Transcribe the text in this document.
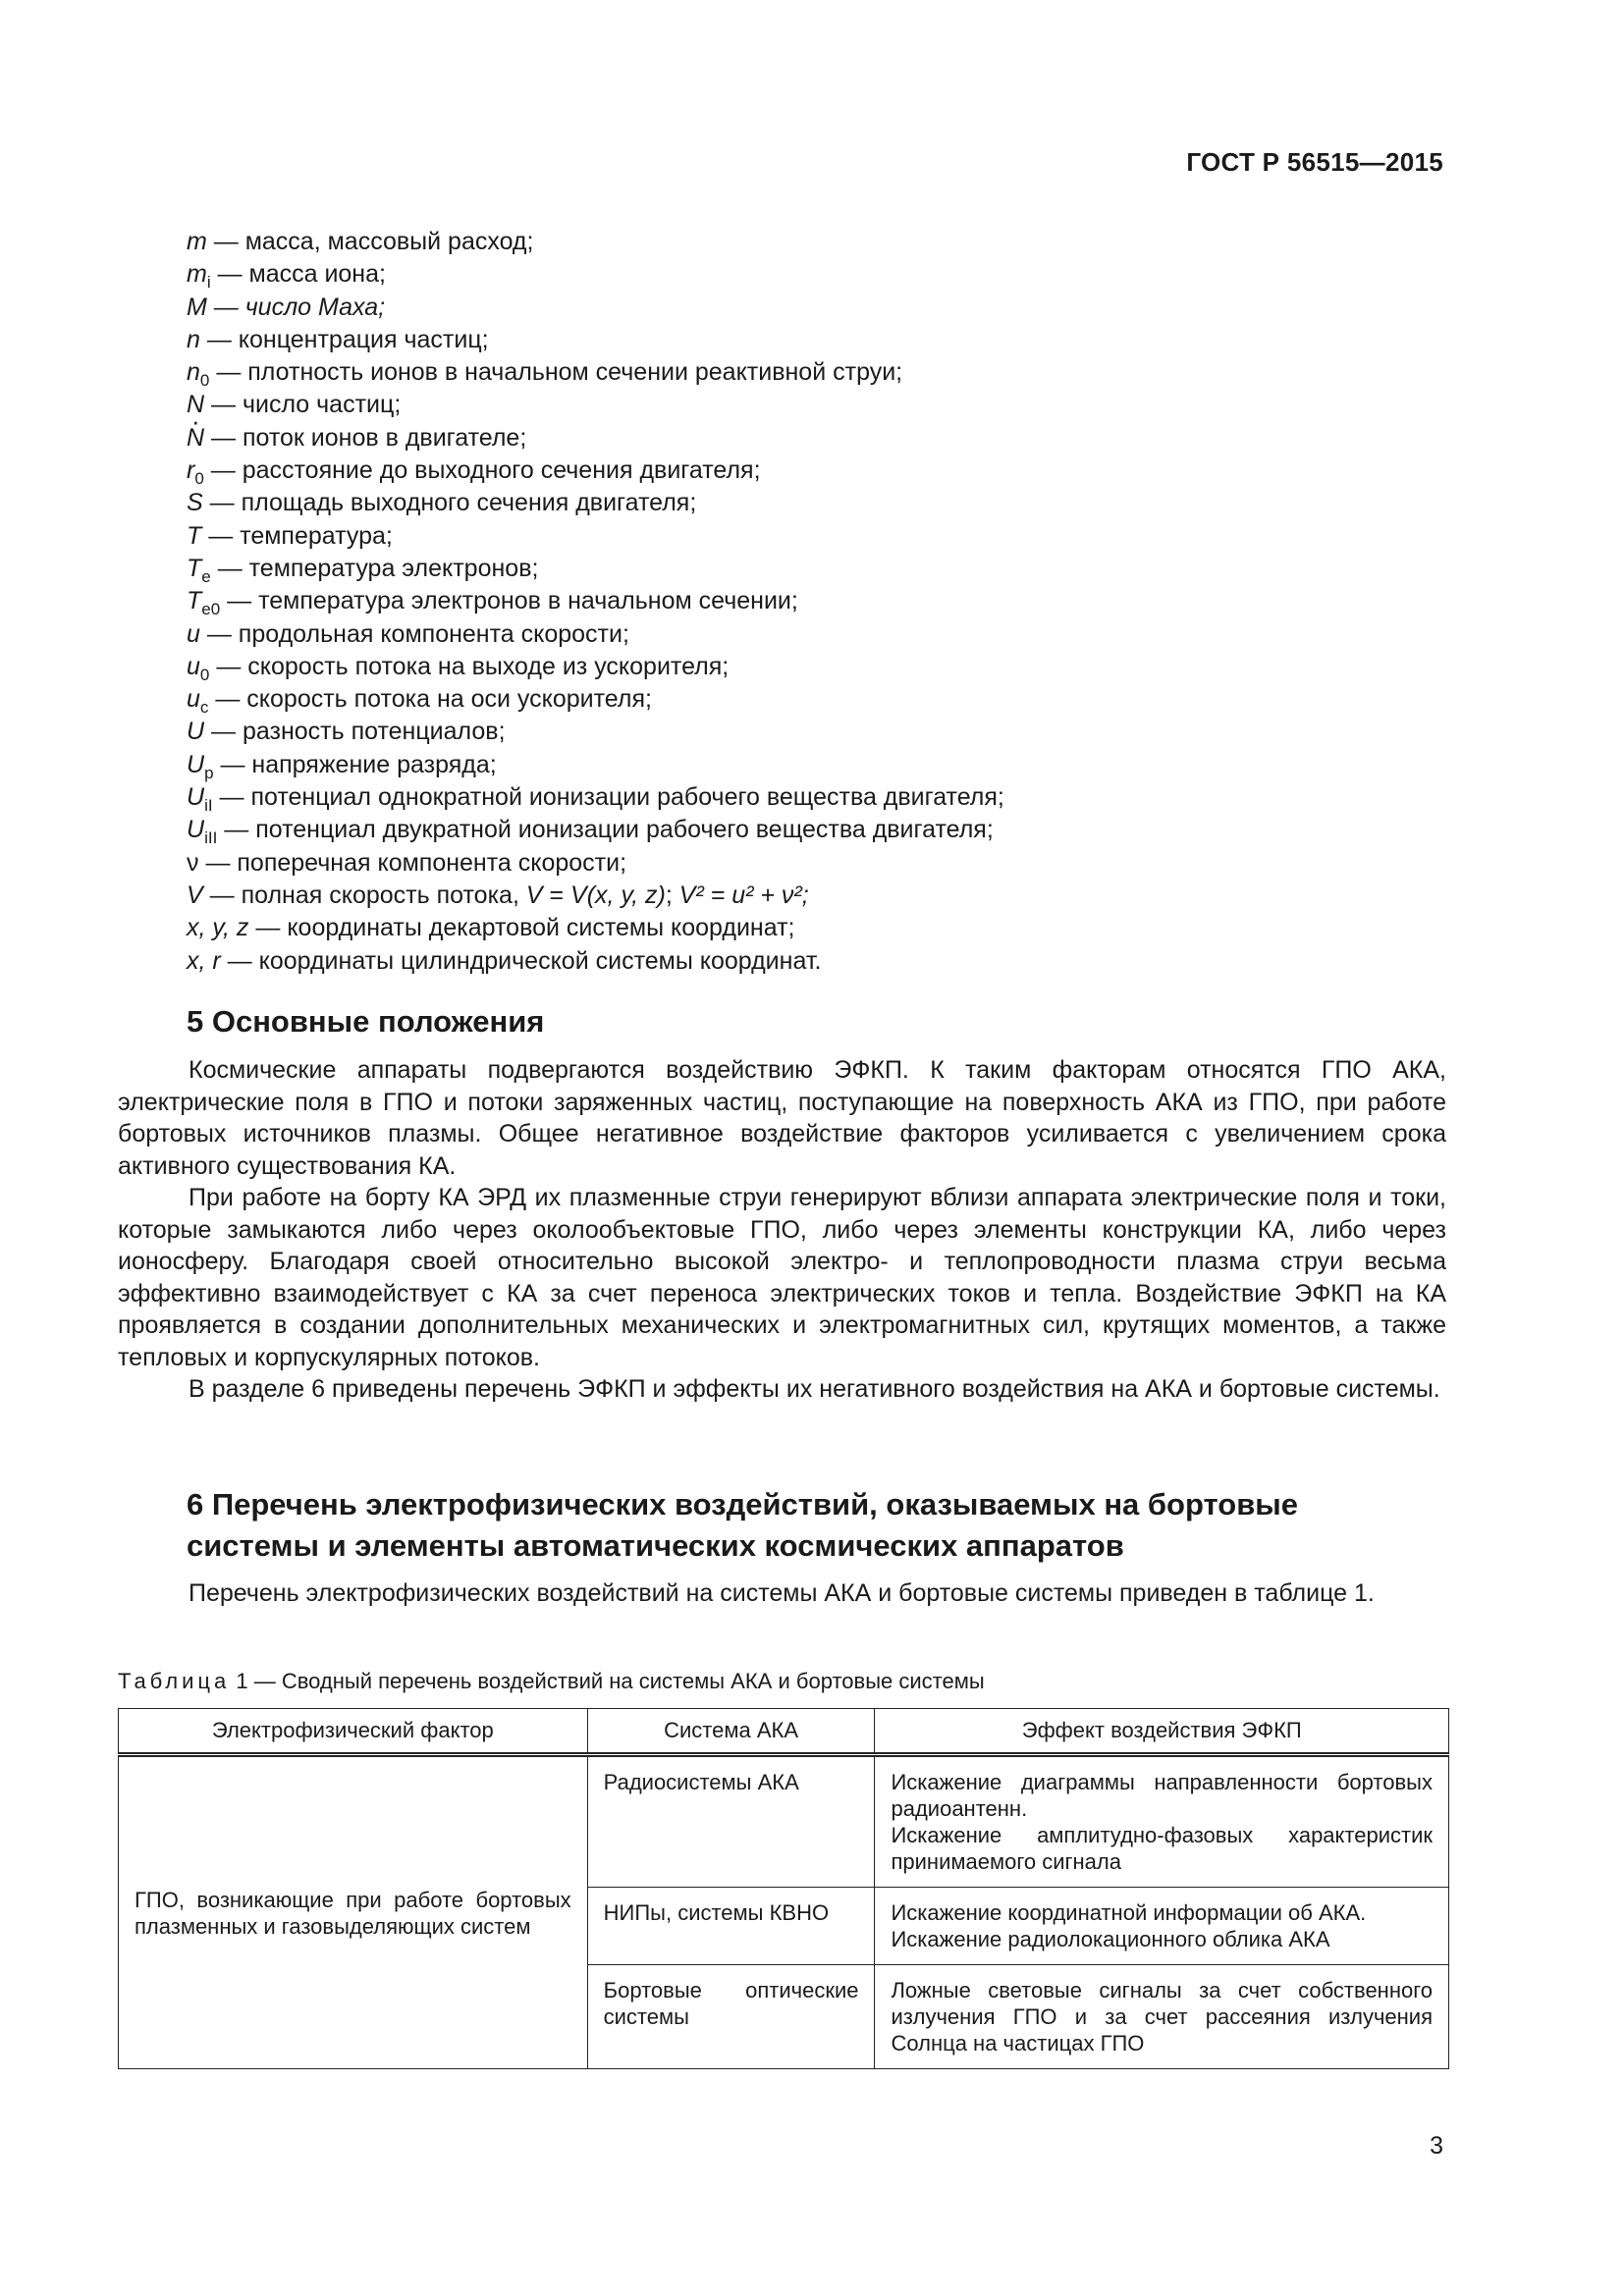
ГОСТ Р 56515—2015
m — масса, массовый расход;
$m_i$ — масса иона;
M — число Маха;
n — концентрация частиц;
$n_0$ — плотность ионов в начальном сечении реактивной струи;
N — число частиц;
· N — поток ионов в двигателе;
$r_0$ — расстояние до выходного сечения двигателя;
S — площадь выходного сечения двигателя;
T — температура;
$T_e$ — температура электронов;
$T_{e0}$ — температура электронов в начальном сечении;
u — продольная компонента скорости;
$u_0$ — скорость потока на выходе из ускорителя;
$u_c$ — скорость потока на оси ускорителя;
U — разность потенциалов;
$U_p$ — напряжение разряда;
$U_{iI}$ — потенциал однократной ионизации рабочего вещества двигателя;
$U_{iII}$ — потенциал двукратной ионизации рабочего вещества двигателя;
ν — поперечная компонента скорости;
V — полная скорость потока, V = V(x, y, z); V² = u² + ν²;
x, y, z — координаты декартовой системы координат;
x, r — координаты цилиндрической системы координат.
5 Основные положения

Космические аппараты подвергаются воздействию ЭФКП. К таким факторам относятся ГПО АКА, электрические поля в ГПО и потоки заряженных частиц, поступающие на поверхность АКА из ГПО, при работе бортовых источников плазмы. Общее негативное воздействие факторов усиливается с увеличением срока активного существования КА.

При работе на борту КА ЭРД их плазменные струи генерируют вблизи аппарата электрические поля и токи, которые замыкаются либо через околообъектовые ГПО, либо через элементы конструкции КА, либо через ионосферу. Благодаря своей относительно высокой электро- и теплопроводности плазма струи весьма эффективно взаимодействует с КА за счет переноса электрических токов и тепла. Воздействие ЭФКП на КА проявляется в создании дополнительных механических и электромагнитных сил, крутящих моментов, а также тепловых и корпускулярных потоков.

В разделе 6 приведены перечень ЭФКП и эффекты их негативного воздействия на АКА и бортовые системы.

6 Перечень электрофизических воздействий, оказываемых на бортовые
системы и элементы автоматических космических аппаратов

Перечень электрофизических воздействий на системы АКА и бортовые системы приведен в таблице 1.

Таблица 1 — Сводный перечень воздействий на системы АКА и бортовые системы
Электрофизический фактор	Система АКА	Эффект воздействия ЭФКП
ГПО, возникающие при работе бортовых плазменных и газовыделяющих систем	Радиосистемы АКА	Искажение диаграммы направленности бортовых радиоантенн.
Искажение амплитудно-фазовых характеристик принимаемого сигнала

	НИПы, системы КВНО	Искажение координатной информации об АКА.
Искажение радиолокационного облика АКА

	Бортовые оптические системы	Ложные световые сигналы за счет собственного излучения ГПО и за счет рассеяния излучения Солнца на частицах ГПО
3
